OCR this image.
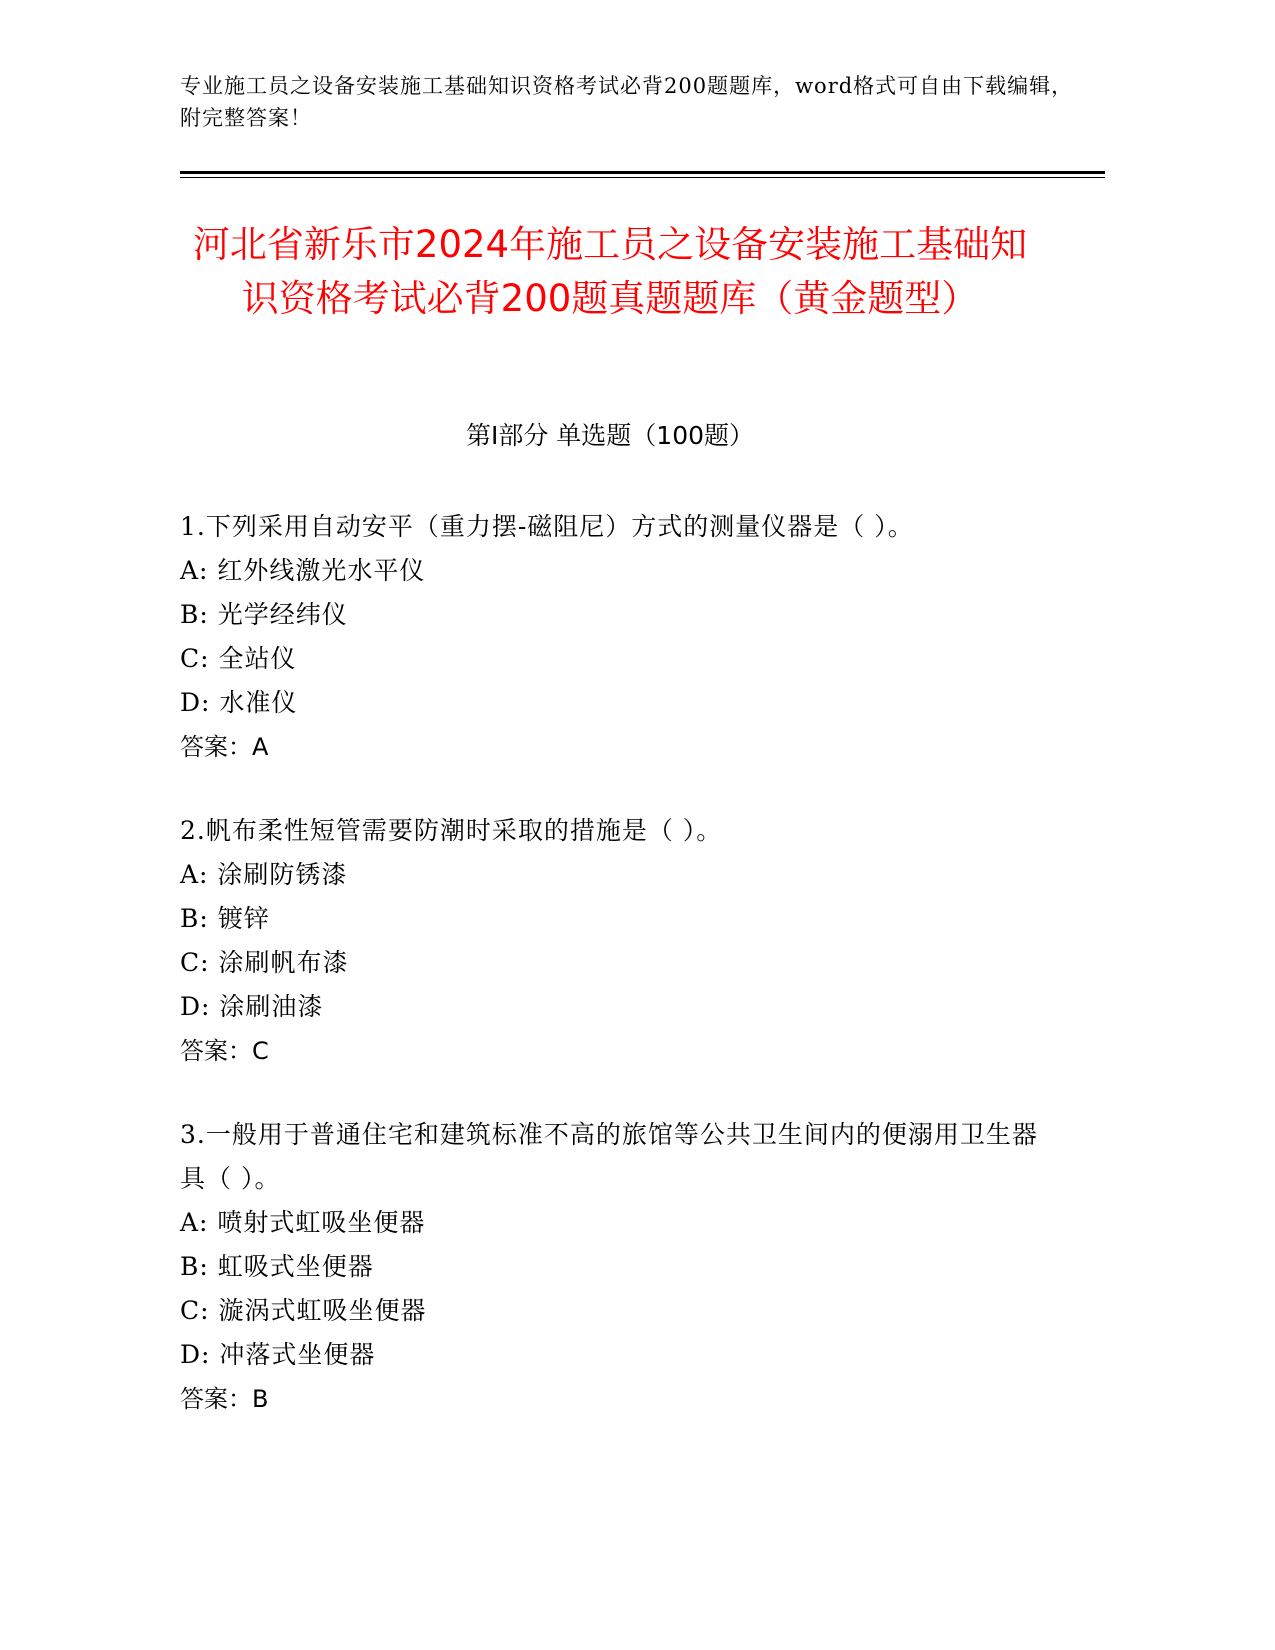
专业施工员之设备安装施工基础知识资格考试必背200题题库，word格式可自由下载编辑，附完整答案！
河北省新乐市2024年施工员之设备安装施工基础知识资格考试必背200题真题题库（黄金题型）
第Ⅰ部分 单选题（100题）
1.下列采用自动安平（重力摆-磁阻尼）方式的测量仪器是（ ）。
A: 红外线激光水平仪
B: 光学经纬仪
C: 全站仪
D: 水准仪
答案：A
2.帆布柔性短管需要防潮时采取的措施是（ ）。
A: 涂刷防锈漆
B: 镀锌
C: 涂刷帆布漆
D: 涂刷油漆
答案：C
3.一般用于普通住宅和建筑标准不高的旅馆等公共卫生间内的便溺用卫生器具（ ）。
A: 喷射式虹吸坐便器
B: 虹吸式坐便器
C: 漩涡式虹吸坐便器
D: 冲落式坐便器
答案：B
